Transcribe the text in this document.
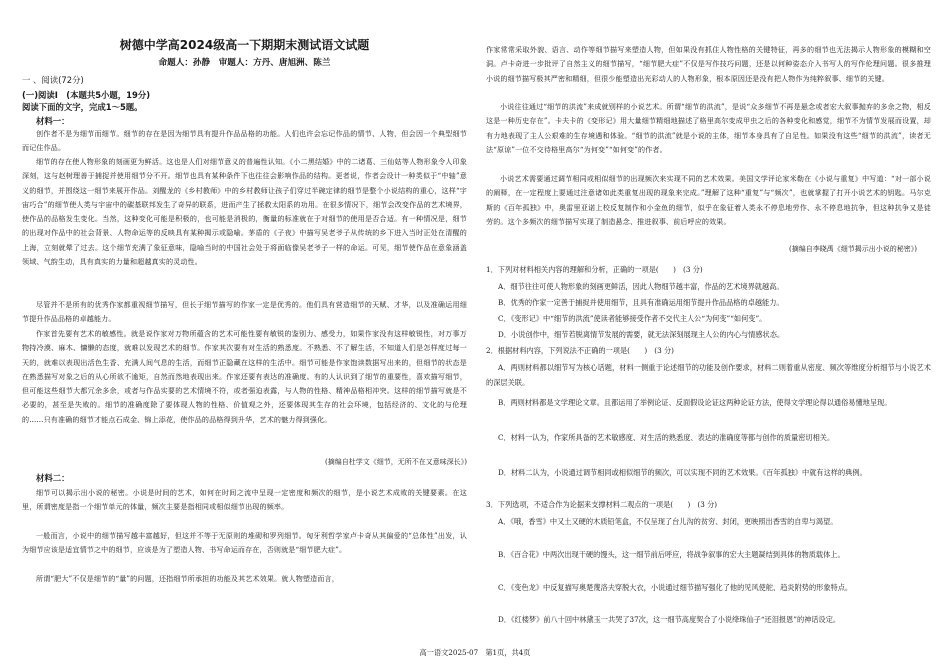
树德中学高2024级高一下期期末测试语文试题
命题人：孙静　审题人：方丹、唐旭洲、陈兰
一 、阅读(72分)
(一)阅读Ⅰ　(本题共5小题，19分)
阅读下面的文字，完成1～5题。
材料一：
创作者不是为细节而细节。细节的存在是因为细节具有提升作品品格的功能。人们也许会忘记作品的情节、人物，但会因一个典型细节而记住作品。
细节的存在使人物形象的刻画更为鲜活。这也是人们对细节意义的普遍性认知。《小二黑结婚》中的二诸葛、三仙姑等人物形象令人印象深刻，这与赵树理善于捕捉并使用细节分不开。细节也具有某种条件下也往往会影响作品的结构。更者说，作者会设计一种类似于“中轴”意义的细节，并围绕这一细节来展开作品。刘醒龙的《乡村教师》中的乡村教师让孩子们穿过半碗定律的细节是整个小说结构的重心，这样“宇宙巧合”的细节使人类与宇宙中的碳基联邦发生了奇异的联系，进而产生了拯救太阳系的功用。在很多情况下，细节会改变作品的艺术境界，使作品的品格发生变化。当然，这种变化可能是积极的，也可能是消极的，衡量的标准就在于对细节的使用是否合适。有一种情况是，细节的出现对作品中的社会背景、人物命运等的反映具有某种揭示或隐喻。茅盾的《子夜》中描写吴老爷子从传统的乡下进入当时正处在清醒的上海，立刻就晕了过去。这个细节充满了象征意味，隐喻当时的中国社会处于将面临像吴老爷子一样的命运。可见，细节使作品在意象涵盖领域、气韵生动，具有真实的力量和超越真实的灵动性。
尽管并不是所有的优秀作家都重视细节描写，但长于细节描写的作家一定是优秀的。他们具有营造细节的天赋、才华，以及准确运用细节提升作品品格的卓越能力。
作家首先要有艺术的敏感性。就是说作家对万物所蕴含的艺术可能性要有敏锐的鉴别力、感受力，如果作家没有这样敏锐性，对万事万物持冷漠、麻木、慵懒的态度，就难以发现艺术的细节。作家其次要有对生活的熟悉度。不熟悉、不了解生活，不知道人们是怎样度过每一天的，就难以表现出活色生香、充满人间气息的生活，而细节正隐藏在这样的生活中。细节可能是作家饱读数据写出来的，但细节的状态是在熟悉描写对象之后的从心所欲不逾矩，自然而然地表现出来。作家还要有表达的准确度。有的人认识到了细节的重要性，喜欢描写细节，但可能这些细节大都冗余多余，或者与作品实要的艺术情境不符，或者强迫表露，与人物的性格、精神品格相冲突。这样的细节描写就是不必要的，甚至是失败的。细节的准确度除了要体现人物的性格、价值观之外，还要体现其生存的社会环境，包括经济的、文化的与伦理的……只有准确的细节才能点石成金、锦上添花，使作品的品格得到升华，艺术的魅力得到强化。
(摘编自杜学文《细节，无所不在又意味深长》)
材料二：
细节可以揭示出小说的秘密。小说是时间的艺术，如何在时间之流中呈现一定密度和频次的细节，是小说艺术成败的关键要素。在这里，所谓密度是指一个细节单元的体量，频次主要是指相同或相似细节出现的频率。
一般而言，小说中的细节描写越丰富越好，但这并不等于无原则的堆砌和罗列细节。匈牙利哲学家卢卡奇从其偏爱的“总体性”出发，认为细节应该是适宜情节之中的细节，应该是为了塑造人物、书写命运而存在，否则就是“细节肥大症”。
所谓“肥大”不仅是细节的“量”的问题，还指细节所承担的功能及其艺术效果。就人物塑造而言，
作家常常采取外貌、语言、动作等细节描写来塑造人物，但如果没有抓住人物性格的关键特征，再多的细节也无法揭示人物形象的模糊和空洞。卢卡奇进一步批评了自然主义的细节描写，“细节肥大症”不仅是写作技巧问题，还是以何种姿态介入书写人的写作伦理问题。很多推理小说的细节描写极其严密和精细，但很少能塑造出光彩动人的人物形象，根本原因还是没有把人物作为纯粹叙事、细节的关键。
小说往往通过“细节的洪流”来成就别样的小说艺术。所谓“细节的洪流”，是说“众多细节不再是悬念或者宏大叙事抛弃的多余之物，相反这是一种历史存在”。卡夫卡的《变形记》用大量细节精细地描述了格里高尔变成甲虫之后的各种变化和感觉，细节不为情节发展而设置，却有力地表现了主人公艰难的生存境遇和体验。“细节的洪流”就是小说的主体，细节本身具有了自足性。如果没有这些“细节的洪流”，读者无法“原谅”一位不交待格里高尔“为何变”“如何变”的作者。
小说艺术需要通过调节相同或相似细节的出现频次来实现不同的艺术效果。美国文学评论家米勒在《小说与重复》中写道：“对一部小说的阐释，在一定程度上要通过注意诸如此类重复出现的现象来完成。”理解了这种“重复”与“频次”，也就掌握了打开小说艺术的钥匙。马尔克斯的《百年孤独》中，奥雷里亚诺上校反复制作和小金鱼的细节，似乎在象征着人类永不停息地劳作、永不停息地抗争，但这种抗争又是徒劳的。这个多频次的细节描写实现了制造悬念、推进叙事、前后呼应的效果。
(摘编自李晓禹《细节揭示出小说的秘密》)
1．下列对材料相关内容的理解和分析，正确的一项是(　　)　(3 分)
A．细节往往可使人物形象的刻画更鲜活，因此人物细节越丰富，作品的艺术境界就越高。
B．优秀的作家一定善于捕捉并使用细节，且具有准确运用细节提升作品品格的卓越能力。
C．《变形记》中“细节的洪流”使读者能够接受作者不交代主人公“为何变”“如何变”。
D．小说创作中，细节若脱离情节发展的需要，就无法深刻展现主人公的内心与情感状态。
2．根据材料内容，下列说法不正确的一项是(　　)　(3 分)
A．两则材料都以细节写为核心话题，材料一侧重于论述细节的功能及创作要求，材料二则着重从密度、频次等维度分析细节与小说艺术的深层关联。
B．两则材料都是文学理论文章。且都运用了举例论证、反面假设论证这两种论证方法，使得文学理论得以通俗易懂地呈现。
C．材料一认为，作家所具备的艺术敏感度、对生活的熟悉度、表达的准确度等都与创作的质量密切相关。
D．材料二认为，小说通过调节相同或相似细节的频次，可以实现不同的艺术效果。《百年孤独》中就有这样的典例。
3．下列选项，不适合作为论据来支撑材料二观点的一项是(　　)　(3 分)
A．《哦，香雪》中又土又硬的木质铅笔盒，不仅呈现了台儿沟的贫穷、封闭，更映照出香雪的自卑与渴望。
B．《百合花》中两次出现干硬的馒头，这一细节前后呼应，将战争叙事的宏大主题凝结到具体的物质载体上。
C．《变色龙》中反复描写奥楚蔑洛夫穿脱大衣，小说通过细节描写强化了他的见风使舵、趋炎附势的形象特点。
D．《红楼梦》前八十回中林黛玉一共哭了37次，这一细节高度契合了小说绛珠仙子“还泪报恩”的神话设定。
高一语文2025-07　第1页，共4页
